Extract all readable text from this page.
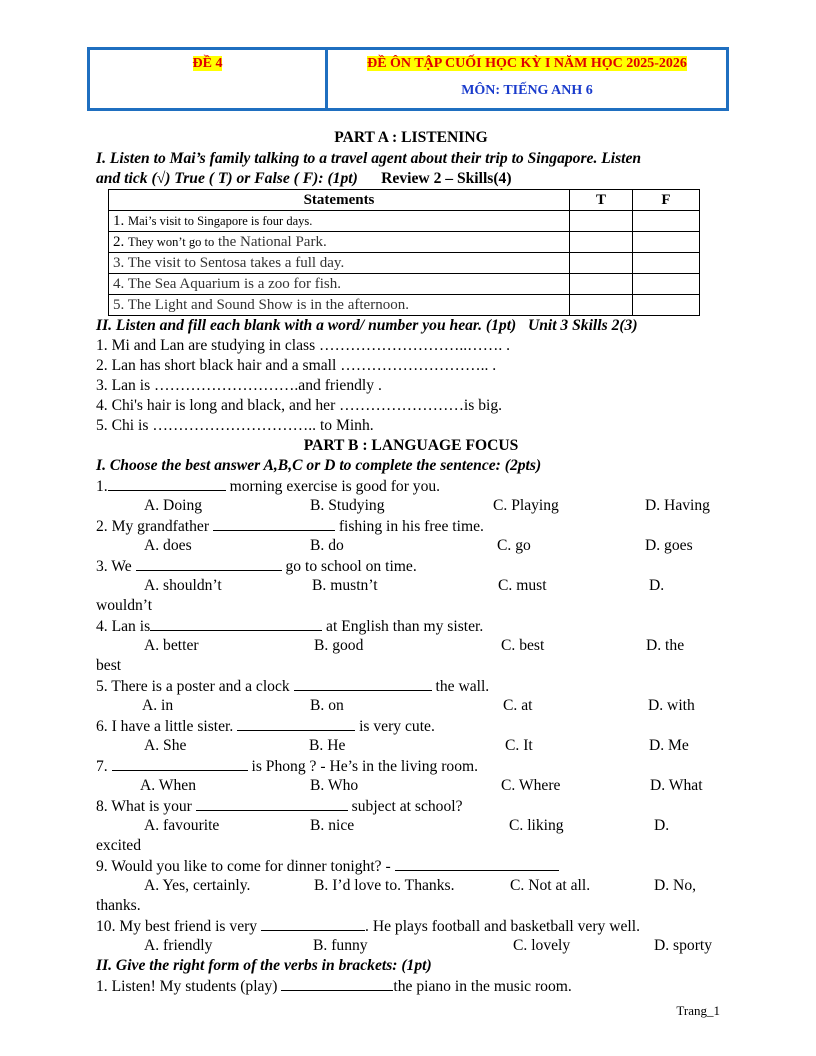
ĐỀ 4	ĐỀ ÔN TẬP CUỐI HỌC KỲ I NĂM HỌC 2025-2026
MÔN: TIẾNG ANH 6
PART A : LISTENING
I. Listen to Mai’s family talking to a travel agent about their trip to Singapore. Listen
and tick (√) True ( T) or False ( F): (1pt) Review 2 – Skills(4)
Statements	T	F
1. Mai’s visit to Singapore is four days.		
2. They won’t go to the National Park.		
3. The visit to Sentosa takes a full day.		
4. The Sea Aquarium is a zoo for fish.		
5. The Light and Sound Show is in the afternoon.		
II. Listen and fill each blank with a word/ number you hear. (1pt) Unit 3 Skills 2(3)
1. Mi and Lan are studying in class ………………………..……. .
2. Lan has short black hair and a small ……………………….. .
3. Lan is ……………………….and friendly .
4. Chi's hair is long and black, and her ……………………is big.
5. Chi is ………………………….. to Minh.
PART B : LANGUAGE FOCUS
I. Choose the best answer A,B,C or D to complete the sentence: (2pts)
1.	morning exercise is good for you.
A. Doing	B. Studying	C. Playing	D. Having
2. My grandfather	fishing in his free time.
A. does	B. do	C. go	D. goes
3. We	go to school on time.
A. shouldn’t	B. mustn’t	C. must	D.
wouldn’t
4. Lan is	at English than my sister.
A. better	B. good	C. best	D. the
best
5. There is a poster and a clock	the wall.
A. in	B. on	C. at	D. with
6. I have a little sister.	is very cute.
A. She	B. He	C. It	D. Me
7.	is Phong ? - He’s in the living room.
A. When	B. Who	C. Where	D. What
8. What is your	subject at school?
A. favourite	B. nice	C. liking	D.
excited
9. Would you like to come for dinner tonight? -
A. Yes, certainly.	B. I’d love to. Thanks.	C. Not at all.	D. No,
thanks.
10. My best friend is very	. He plays football and basketball very well.
A. friendly	B. funny	C. lovely	D. sporty
II. Give the right form of the verbs in brackets: (1pt)
1. Listen! My students (play)	the piano in the music room.
Trang_1
